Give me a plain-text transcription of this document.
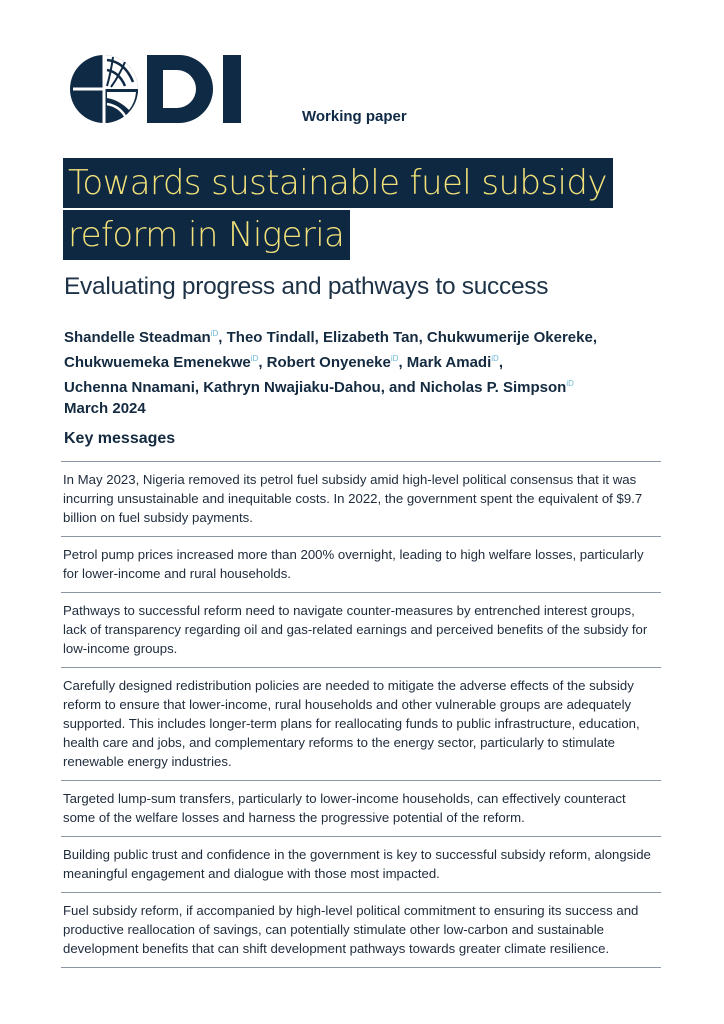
Working paper
Towards sustainable fuel subsidy
reform in Nigeria
Evaluating progress and pathways to success
Shandelle Steadman$^{iD}$, Theo Tindall, Elizabeth Tan, Chukwumerije Okereke,
Chukwuemeka Emenekwe$^{iD}$, Robert Onyeneke$^{iD}$, Mark Amadi$^{iD}$,
Uchenna Nnamani, Kathryn Nwajiaku-Dahou, and Nicholas P. Simpson$^{iD}$
March 2024
Key messages
In May 2023, Nigeria removed its petrol fuel subsidy amid high-level political consensus that it was incurring unsustainable and inequitable costs. In 2022, the government spent the equivalent of $9.7 billion on fuel subsidy payments.
Petrol pump prices increased more than 200% overnight, leading to high welfare losses, particularly for lower-income and rural households.
Pathways to successful reform need to navigate counter-measures by entrenched interest groups, lack of transparency regarding oil and gas-related earnings and perceived benefits of the subsidy for low-income groups.
Carefully designed redistribution policies are needed to mitigate the adverse effects of the subsidy reform to ensure that lower-income, rural households and other vulnerable groups are adequately supported. This includes longer-term plans for reallocating funds to public infrastructure, education, health care and jobs, and complementary reforms to the energy sector, particularly to stimulate renewable energy industries.
Targeted lump-sum transfers, particularly to lower-income households, can effectively counteract some of the welfare losses and harness the progressive potential of the reform.
Building public trust and confidence in the government is key to successful subsidy reform, alongside meaningful engagement and dialogue with those most impacted.
Fuel subsidy reform, if accompanied by high-level political commitment to ensuring its success and productive reallocation of savings, can potentially stimulate other low-carbon and sustainable development benefits that can shift development pathways towards greater climate resilience.
